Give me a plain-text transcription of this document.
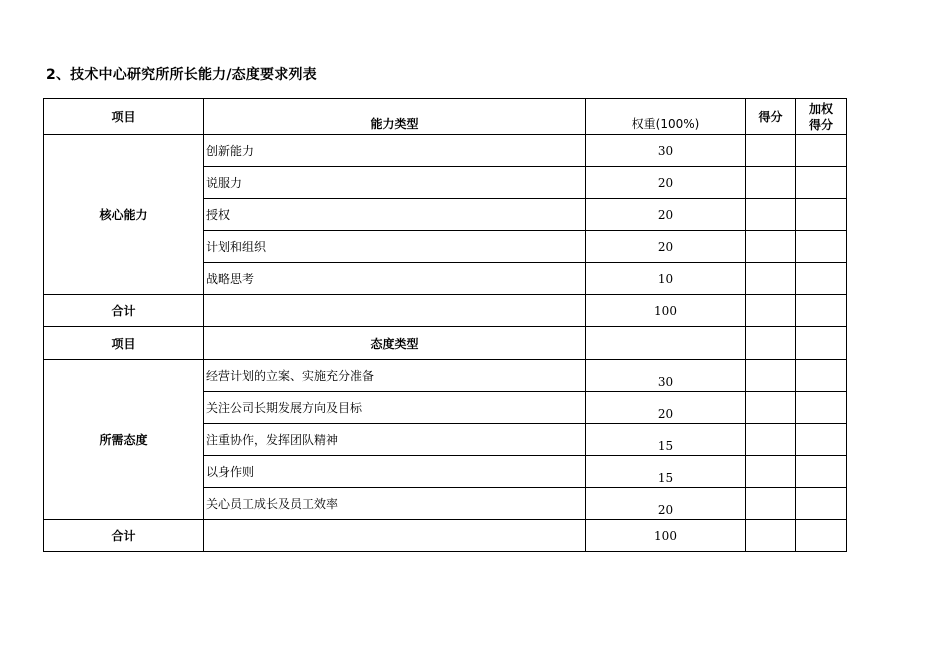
2、技术中心研究所所长能力/态度要求列表
项目	能力类型	权重(100%)	得分	加权
得分

核心能力	创新能力	30		
	说服力	20		
	授权	20		
	计划和组织	20		
	战略思考	10		
合计		100		
项目	态度类型			
所需态度	经营计划的立案、实施充分准备	30		
	关注公司长期发展方向及目标	20		
	注重协作，发挥团队精神	15		
	以身作则	15		
	关心员工成长及员工效率	20		
合计		100		
